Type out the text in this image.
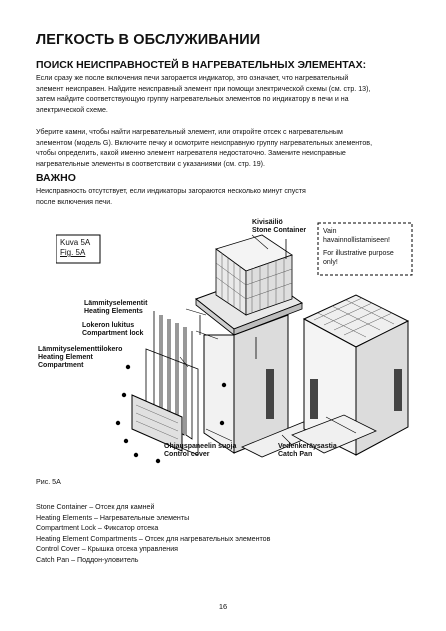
ЛЕГКОСТЬ В ОБСЛУЖИВАНИИ
ПОИСК НЕИСПРАВНОСТЕЙ В НАГРЕВАТЕЛЬНЫХ ЭЛЕМЕНТАХ:

Если сразу же после включения печи загорается индикатор, это означает, что нагревательный
элемент неисправен. Найдите неисправный элемент при помощи электрической схемы (см. стр. 13),
затем найдите соответствующую группу нагревательных элементов по индикатору в печи и на
электрической схеме.

Уберите камни, чтобы найти нагревательный элемент, или откройте отсек с нагревательным
элементом (модель G). Включите печку и осмотрите неисправную группу нагревательных элементов,
чтобы определить, какой именно элемент нагревателя недостаточно. Замените неисправные
нагревательные элементы в соответствии с указаниями (см. стр. 19).

ВАЖНО

Неисправность отсутствует, если индикаторы загораются несколько минут спустя
после включения печи.

Kuva 5A
Fig. 5A
Vain
havainnollistamiseen!
For illustrative purpose
only!
Kivisäiliö
Stone Container
Lämmityselementit
Heating Elements
Lokeron lukitus
Compartment lock
Lämmityselementtilokero
Heating Element
Compartment
Ohjauspaneelin suoja
Control cover
Vedenkeräysastia
Catch Pan
Рис. 5А
Stone Container – Отсек для камней
Heating Elements – Нагревательные элементы
Compartment Lock – Фиксатор отсека
Heating Element Compartments – Отсек для нагревательных элементов
Control Cover – Крышка отсека управления
Catch Pan – Поддон-уловитель
16
